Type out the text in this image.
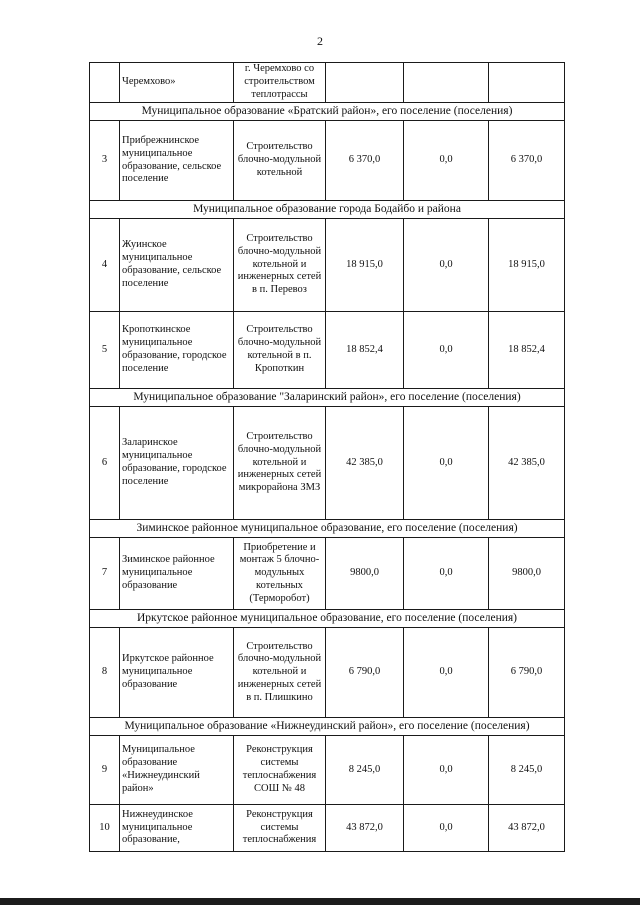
2
	Черемхово»	г. Черемхово со строительством теплотрассы			
Муниципальное образование «Братский район», его поселение (поселения)					
3	Прибрежнинское муниципальное образование, сельское поселение	Строительство блочно-модульной котельной	6 370,0	0,0	6 370,0
Муниципальное образование города Бодайбо и района					
4	Жуинское муниципальное образование, сельское поселение	Строительство блочно-модульной котельной и инженерных сетей в п. Перевоз	18 915,0	0,0	18 915,0
5	Кропоткинское муниципальное образование, городское поселение	Строительство блочно-модульной котельной в п. Кропоткин	18 852,4	0,0	18 852,4
Муниципальное образование "Заларинский район», его поселение (поселения)					
6	Заларинское муниципальное образование, городское поселение	Строительство блочно-модульной котельной и инженерных сетей микрорайона ЗМЗ	42 385,0	0,0	42 385,0
Зиминское районное муниципальное образование, его поселение (поселения)					
7	Зиминское районное муниципальное образование	Приобретение и монтаж 5 блочно-модульных котельных (Терморобот)	9800,0	0,0	9800,0
Иркутское районное муниципальное образование, его поселение (поселения)					
8	Иркутское районное муниципальное образование	Строительство блочно-модульной котельной и инженерных сетей в п. Плишкино	6 790,0	0,0	6 790,0
Муниципальное образование «Нижнеудинский район», его поселение (поселения)					
9	Муниципальное образование «Нижнеудинский район»	Реконструкция системы теплоснабжения СОШ № 48	8 245,0	0,0	8 245,0
10	Нижнеудинское муниципальное образование,	Реконструкция системы теплоснабжения	43 872,0	0,0	43 872,0
